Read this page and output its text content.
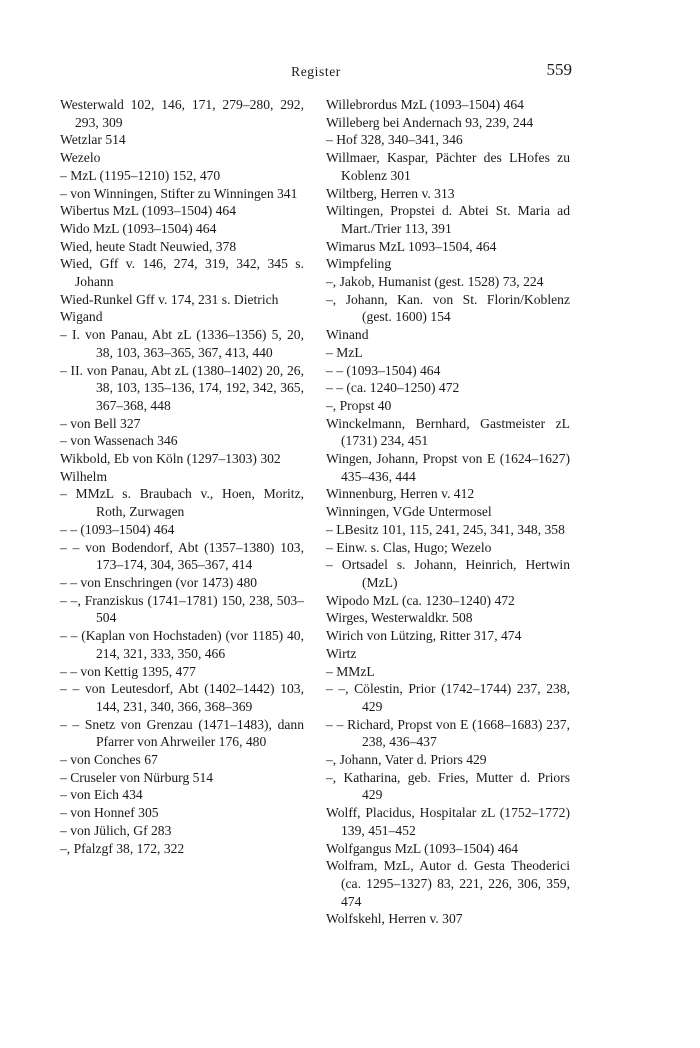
Register	559

Westerwald 102, 146, 171, 279–280, 292, 293, 309

Wetzlar 514

Wezelo

– MzL (1195–1210) 152, 470

– von Winningen, Stifter zu Winningen 341

Wibertus MzL (1093–1504) 464

Wido MzL (1093–1504) 464

Wied, heute Stadt Neuwied, 378

Wied, Gff v. 146, 274, 319, 342, 345 s. Johann

Wied-Runkel Gff v. 174, 231 s. Dietrich

Wigand

– I. von Panau, Abt zL (1336–1356) 5, 20, 38, 103, 363–365, 367, 413, 440

– II. von Panau, Abt zL (1380–1402) 20, 26, 38, 103, 135–136, 174, 192, 342, 365, 367–368, 448

– von Bell 327

– von Wassenach 346

Wikbold, Eb von Köln (1297–1303) 302

Wilhelm

– MMzL s. Braubach v., Hoen, Moritz, Roth, Zurwagen

– – (1093–1504) 464

– – von Bodendorf, Abt (1357–1380) 103, 173–174, 304, 365–367, 414

– – von Enschringen (vor 1473) 480

– –, Franziskus (1741–1781) 150, 238, 503–504

– – (Kaplan von Hochstaden) (vor 1185) 40, 214, 321, 333, 350, 466

– – von Kettig 1395, 477

– – von Leutesdorf, Abt (1402–1442) 103, 144, 231, 340, 366, 368–369

– – Snetz von Grenzau (1471–1483), dann Pfarrer von Ahrweiler 176, 480

– von Conches 67

– Cruseler von Nürburg 514

– von Eich 434

– von Honnef 305

– von Jülich, Gf 283

–, Pfalzgf 38, 172, 322

Willebrordus MzL (1093–1504) 464

Willeberg bei Andernach 93, 239, 244

– Hof 328, 340–341, 346

Willmaer, Kaspar, Pächter des LHofes zu Koblenz 301

Wiltberg, Herren v. 313

Wiltingen, Propstei d. Abtei St. Maria ad Mart./Trier 113, 391

Wimarus MzL 1093–1504, 464

Wimpfeling

–, Jakob, Humanist (gest. 1528) 73, 224

–, Johann, Kan. von St. Florin/Koblenz (gest. 1600) 154

Winand

– MzL

– – (1093–1504) 464

– – (ca. 1240–1250) 472

–, Propst 40

Winckelmann, Bernhard, Gastmeister zL (1731) 234, 451

Wingen, Johann, Propst von E (1624–1627) 435–436, 444

Winnenburg, Herren v. 412

Winningen, VGde Untermosel

– LBesitz 101, 115, 241, 245, 341, 348, 358

– Einw. s. Clas, Hugo; Wezelo

– Ortsadel s. Johann, Heinrich, Hertwin (MzL)

Wipodo MzL (ca. 1230–1240) 472

Wirges, Westerwaldkr. 508

Wirich von Lützing, Ritter 317, 474

Wirtz

– MMzL

– –, Cölestin, Prior (1742–1744) 237, 238, 429

– – Richard, Propst von E (1668–1683) 237, 238, 436–437

–, Johann, Vater d. Priors 429

–, Katharina, geb. Fries, Mutter d. Priors 429

Wolff, Placidus, Hospitalar zL (1752–1772) 139, 451–452

Wolfgangus MzL (1093–1504) 464

Wolfram, MzL, Autor d. Gesta Theoderici (ca. 1295–1327) 83, 221, 226, 306, 359, 474

Wolfskehl, Herren v. 307
